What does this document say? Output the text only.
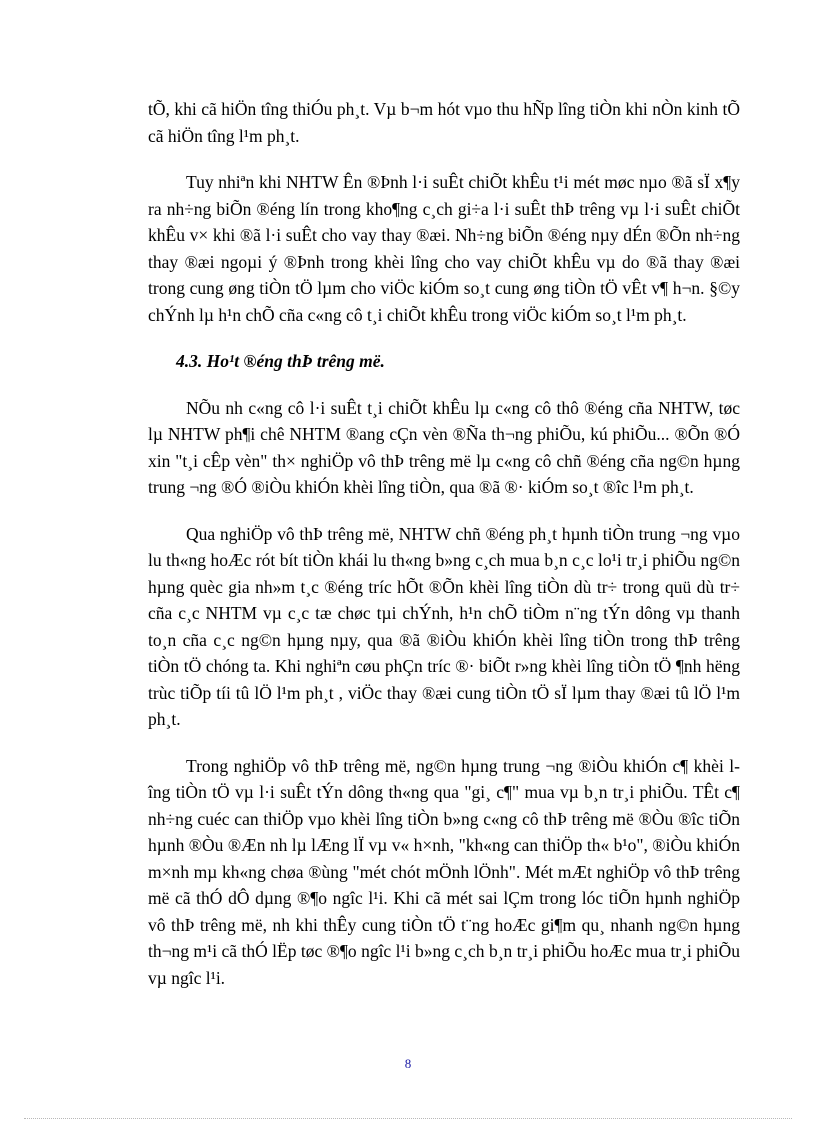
tÕ, khi cã hiÖn tîng thiÓu ph¸t. Vµ b¬m hót vµo thu hÑp lîng tiÒn khi nÒn kinh tÕ cã hiÖn tîng l¹m ph¸t.

Tuy nhiªn khi NHTW Ên ®Þnh l·i suÊt chiÕt khÊu t¹i mét møc nµo ®ã sÏ x¶y ra nh÷ng biÕn ®éng lín trong kho¶ng c¸ch gi÷a l·i suÊt thÞ trêng vµ l·i suÊt chiÕt khÊu v× khi ®ã l·i suÊt cho vay thay ®æi. Nh÷ng biÕn ®éng nµy dÉn ®Õn nh÷ng thay ®æi ngoµi ý ®Þnh trong khèi lîng cho vay chiÕt khÊu vµ do ®ã thay ®æi trong cung øng tiÒn tÖ lµm cho viÖc kiÓm so¸t cung øng tiÒn tÖ vÊt v¶ h¬n. §©y chÝnh lµ h¹n chÕ cña c«ng cô t¸i chiÕt khÊu trong viÖc kiÓm so¸t l¹m ph¸t.

4.3. Ho¹t ®éng thÞ trêng më.

NÕu nh c«ng cô l·i suÊt t¸i chiÕt khÊu lµ c«ng cô thô ®éng cña NHTW, tøc lµ NHTW ph¶i chê NHTM ®ang cÇn vèn ®Ña th¬ng phiÕu, kú phiÕu... ®Õn ®Ó xin "t¸i cÊp vèn" th× nghiÖp vô thÞ trêng më lµ c«ng cô chñ ®éng cña ng©n hµng trung ¬ng ®Ó ®iÒu khiÓn khèi lîng tiÒn, qua ®ã ®· kiÓm so¸t ®îc l¹m ph¸t.

Qua nghiÖp vô thÞ trêng më, NHTW chñ ®éng ph¸t hµnh tiÒn trung ¬ng vµo lu th«ng hoÆc rót bít tiÒn khái lu th«ng b»ng c¸ch mua b¸n c¸c lo¹i tr¸i phiÕu ng©n hµng quèc gia nh»m t¸c ®éng tríc hÕt ®Õn khèi lîng tiÒn dù tr÷ trong quü dù tr÷ cña c¸c NHTM vµ c¸c tæ chøc tµi chÝnh, h¹n chÕ tiÒm n¨ng tÝn dông vµ thanh to¸n cña c¸c ng©n hµng nµy, qua ®ã ®iÒu khiÓn khèi lîng tiÒn trong thÞ trêng tiÒn tÖ chóng ta. Khi nghiªn cøu phÇn tríc ®· biÕt r»ng khèi lîng tiÒn tÖ ¶nh hëng trùc tiÕp tíi tû lÖ l¹m ph¸t , viÖc thay ®æi cung tiÒn tÖ sÏ lµm thay ®æi tû lÖ l¹m ph¸t.

Trong nghiÖp vô thÞ trêng më, ng©n hµng trung ¬ng ®iÒu khiÓn c¶ khèi lîng tiÒn tÖ vµ l·i suÊt tÝn dông th«ng qua "gi¸ c¶" mua vµ b¸n tr¸i phiÕu. TÊt c¶ nh÷ng cuéc can thiÖp vµo khèi lîng tiÒn b»ng c«ng cô thÞ trêng më ®Òu ®îc tiÕn hµnh ®Òu ®Æn nh lµ lÆng lÏ vµ v« h×nh, "kh«ng can thiÖp th« b¹o", ®iÒu khiÓn m×nh mµ kh«ng chøa ®ùng "mét chót mÖnh lÖnh". Mét mÆt nghiÖp vô thÞ trêng më cã thÓ dÔ dµng ®¶o ngîc l¹i. Khi cã mét sai lÇm trong lóc tiÕn hµnh nghiÖp vô thÞ trêng më, nh khi thÊy cung tiÒn tÖ t¨ng hoÆc gi¶m qu¸ nhanh ng©n hµng th¬ng m¹i cã thÓ lËp tøc ®¶o ngîc l¹i b»ng c¸ch b¸n tr¸i phiÕu hoÆc mua tr¸i phiÕu vµ ngîc l¹i.

8
